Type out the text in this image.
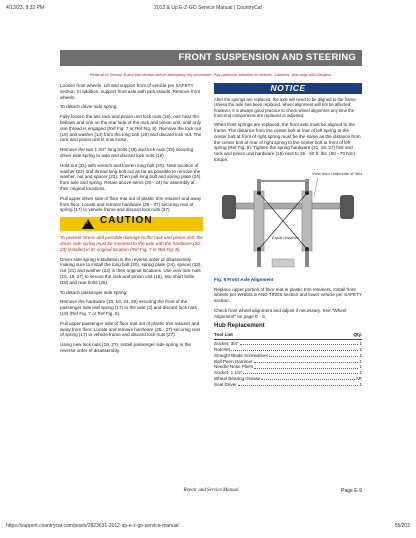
4/13/23, 9:32 PM	2012 & Up E-Z-GO Service Manual | CountryCat
FRONT SUSPENSION AND STEERING
Read all of Section B and this section before attempting any procedure. Pay particular attention to Notices, Cautions, Warnings and Dangers.

Loosen front wheels. Lift and support front of vehicle per SAFETY section. In addition, support front axle with jack stands. Remove front wheels.

To detach driver side spring:

Fully loosen the two rack and pinion unit lock nuts (15), one near the bellows and one on the rear side of the rack and pinion unit, until only one thread is engaged (Ref Fig. 7 or Ref Fig. 8). Remove the lock nut (15) and washer (14) from the long bolt (20) and discard lock nut. The rack and pinion unit is now loose.

Remove the two 1 3/4" long bolts (18) and lock nuts (19) securing driver side spring to axle and discard lock nuts (19).

Hold nut (21) with wrench and loosen long bolt (20). Note location of washer (22) and thread long bolt out as far as possible to remove the washer, nut and spacer (23). Then pull long bolt and spring plate (24) from axle and spring. Retain above items (20 - 24) for assembly at their original locations.

Pull upper driver side of floor mat out of plastic trim retainer and away from floor. Locate and remove hardware (25 - 27) securing rear of spring (17) to vehicle frame and discard lock nuts (27).

! CAUTION

To prevent stress and possible damage to the rack and pinion unit, the driver side spring must be mounted to the axle with the hardware (20 - 23) installed in its original location (Ref Fig. 7 or Ref Fig. 8).

Driver side spring installation is the reverse order of disassembly making sure to install the long bolt (20), spring plate (24), spacer (23), nut (21) and washer (22) in their original locations. Use new lock nuts (15, 19, 27) to secure the rack and pinion unit (16), two short bolts (18) and rear bolts (25).

To detach passenger side spring:

Remove the hardware (18, 19, 24, 29) securing the front of the passenger side leaf spring (17) to the axle (3) and discard lock nuts (19) (Ref Fig. 7 or Ref Fig. 8).

Pull upper passenger side of floor mat out of plastic trim retainer and away from floor. Locate and remove hardware (25 - 27) securing rear of spring (17) to vehicle frame and discard lock nuts (27).

Using new lock nuts (19, 27), install passenger side spring in the reverse order of disassembly.

NOTICE

After the springs are replaced, the axle will need to be aligned to the frame. Unless the axle has been replaced, wheel alignment will not be affected; however, it is always good practice to check wheel alignment any time the front-end components are replaced or adjusted.

When front springs are replaced, the front axle must be aligned to the frame. The distance from the center bolt at rear of left spring to the center bolt at front of right spring must be the same as the distance from the center bolt at rear of right spring to the center bolt at front of left spring (Ref Fig. 9). Tighten the spring hardware (21, 19, 27) first and rack and pinion unit hardware (15) next to 35 - 50 ft. lbs. (50 - 70 Nm) torque.

View from Underside of Vehicle
Equal Distance

Fig. 9 Front Axle Alignment

Replace upper portion of floor mat in plastic trim retainers. Install front wheels per WHEELS AND TIRES section and lower vehicle per SAFETY section.

Check front wheel alignment and adjust if necessary. See “Wheel Alignment” on page E - 5.

Hub Replacement
Tool List	Qty.
Socket, 3/4"	1
Ratchet	1
Straight Blade Screwdriver	1
Ball Peen Hammer	1
Needle Nose Pliers	1
Socket, 1 1/2"	1
Wheel Bearing Grease	AR
Seal Driver	1
Repair and Service Manual	Page E-9
https://support.countrycat.com/posts/2823631-2012-up-e-z-go-service-manual	55/202
